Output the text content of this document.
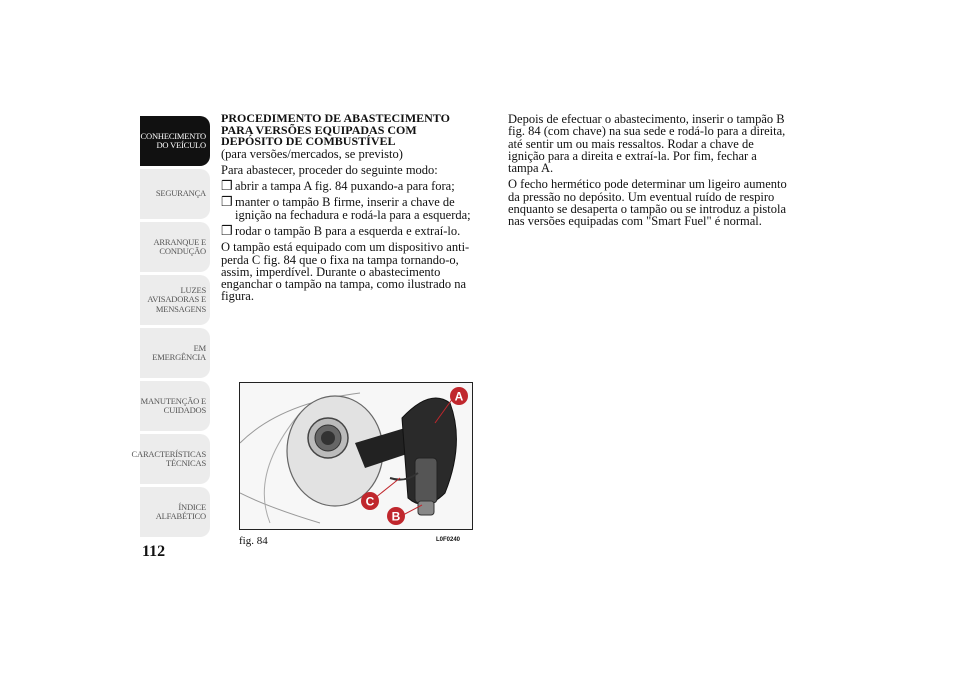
CONHECIMENTO DO VEÍCULO
SEGURANÇA
ARRANQUE E CONDUÇÃO
LUZES AVISADORAS E MENSAGENS
EM EMERGÊNCIA
MANUTENÇÃO E CUIDADOS
CARACTERÍSTICAS TÉCNICAS
ÍNDICE ALFABÉTICO
112
PROCEDIMENTO DE ABASTECIMENTO
PARA VERSÕES EQUIPADAS COM
DEPÓSITO DE COMBUSTÍVEL

(para versões/mercados, se previsto)

Para abastecer, proceder do seguinte modo:

❒ abrir a tampa A fig. 84 puxando-a para fora;
❒ manter o tampão B firme, inserir a chave de ignição na fechadura e rodá-la para a esquerda;
❒ rodar o tampão B para a esquerda e extraí-lo.

O tampão está equipado com um dispositivo anti-perda C fig. 84 que o fixa na tampa tornando-o, assim, imperdível. Durante o abastecimento enganchar o tampão na tampa, como ilustrado na figura.

Depois de efectuar o abastecimento, inserir o tampão B fig. 84 (com chave) na sua sede e rodá-lo para a direita, até sentir um ou mais ressaltos. Rodar a chave de ignição para a direita e extraí-la. Por fim, fechar a tampa A.

O fecho hermético pode determinar um ligeiro aumento da pressão no depósito. Um eventual ruído de respiro enquanto se desaperta o tampão ou se introduz a pistola nas versões equipadas com "Smart Fuel" é normal.

A
C
B
fig. 84	L0F0240
